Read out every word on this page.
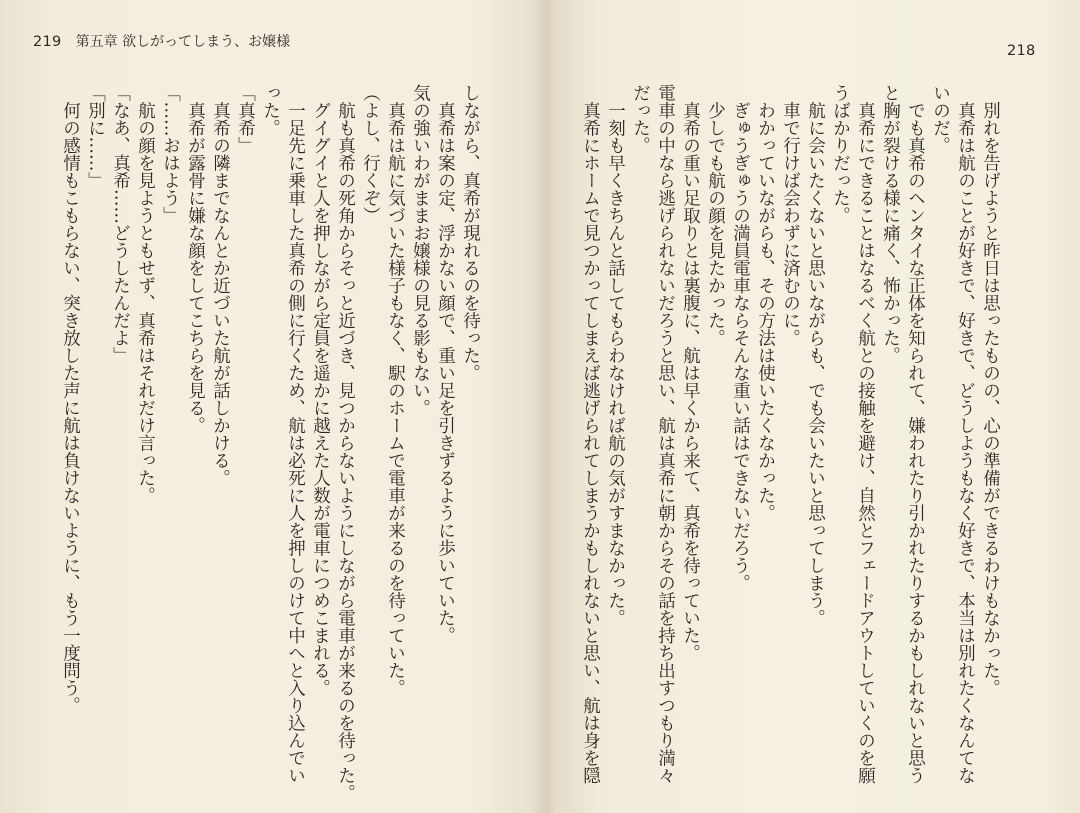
219 第五章 欲しがってしまう、お嬢様
しながら、真希が現れるのを待った。
　真希は案の定、浮かない顔で、重い足を引きずるように歩いていた。
気の強いわがままお嬢様の見る影もない。
　真希は航に気づいた様子もなく、駅のホームで電車が来るのを待っていた。
（よし、行くぞ）
　航も真希の死角からそっと近づき、見つからないようにしながら電車が来るのを待った。
　グイグイと人を押しながら定員を遥かに越えた人数が電車につめこまれる。
　一足先に乗車した真希の側に行くため、航は必死に人を押しのけて中へと入り込んでい
った。
「真希」
　真希の隣までなんとか近づいた航が話しかける。
　真希が露骨に嫌な顔をしてこちらを見る。
「……おはよう」
　航の顔を見ようともせず、真希はそれだけ言った。
「なあ、真希……どうしたんだよ」
「別に……」
　何の感情もこもらない、突き放した声に航は負けないように、もう一度問う。
218
　別れを告げようと昨日は思ったものの、心の準備ができるわけもなかった。
　真希は航のことが好きで、好きで、どうしようもなく好きで、本当は別れたくなんてな
いのだ。
　でも真希のヘンタイな正体を知られて、嫌われたり引かれたりするかもしれないと思う
と胸が裂ける様に痛く、怖かった。
　真希にできることはなるべく航との接触を避け、自然とフェードアウトしていくのを願
うばかりだった。
　航に会いたくないと思いながらも、でも会いたいと思ってしまう。
　車で行けば会わずに済むのに。
　わかっていながらも、その方法は使いたくなかった。
　ぎゅうぎゅうの満員電車ならそんな重い話はできないだろう。
　少しでも航の顔を見たかった。
　真希の重い足取りとは裏腹に、航は早くから来て、真希を待っていた。
電車の中なら逃げられないだろうと思い、航は真希に朝からその話を持ち出すつもり満々
だった。
　一刻も早くきちんと話してもらわなければ航の気がすまなかった。
　真希にホームで見つかってしまえば逃げられてしまうかもしれないと思い、航は身を隠
